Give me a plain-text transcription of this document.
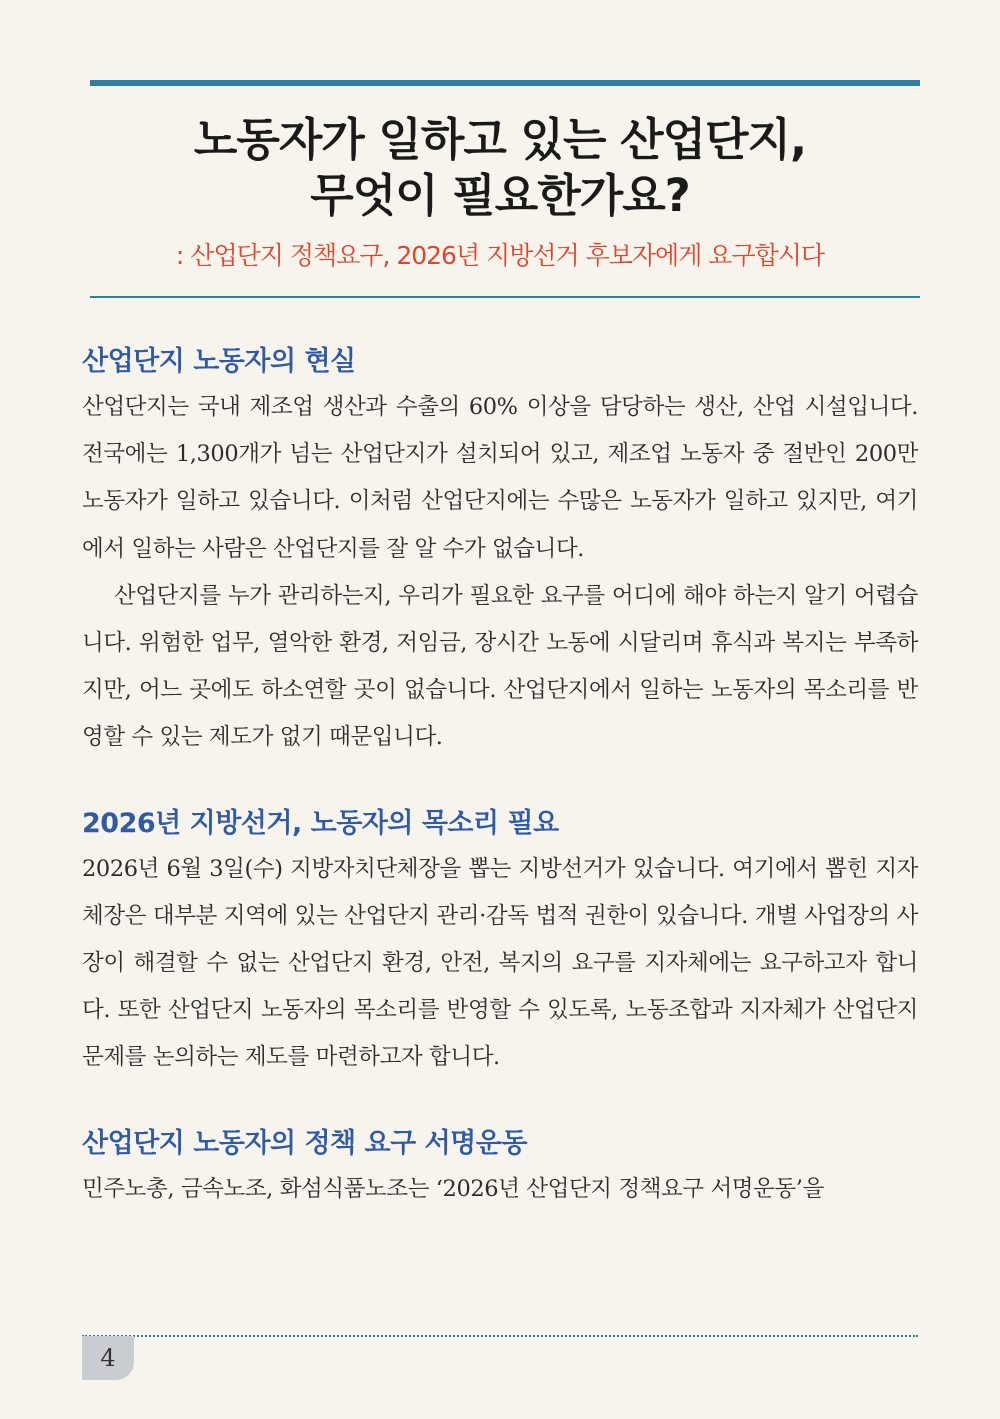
노동자가 일하고 있는 산업단지,
무엇이 필요한가요?
: 산업단지 정책요구, 2026년 지방선거 후보자에게 요구합시다
산업단지 노동자의 현실

산업단지는 국내 제조업 생산과 수출의 60% 이상을 담당하는 생산, 산업 시설입니다. 전국에는 1,300개가 넘는 산업단지가 설치되어 있고, 제조업 노동자 중 절반인 200만 노동자가 일하고 있습니다. 이처럼 산업단지에는 수많은 노동자가 일하고 있지만, 여기에서 일하는 사람은 산업단지를 잘 알 수가 없습니다.

산업단지를 누가 관리하는지, 우리가 필요한 요구를 어디에 해야 하는지 알기 어렵습니다. 위험한 업무, 열악한 환경, 저임금, 장시간 노동에 시달리며 휴식과 복지는 부족하지만, 어느 곳에도 하소연할 곳이 없습니다. 산업단지에서 일하는 노동자의 목소리를 반영할 수 있는 제도가 없기 때문입니다.

2026년 지방선거, 노동자의 목소리 필요

2026년 6월 3일(수) 지방자치단체장을 뽑는 지방선거가 있습니다. 여기에서 뽑힌 지자체장은 대부분 지역에 있는 산업단지 관리·감독 법적 권한이 있습니다. 개별 사업장의 사장이 해결할 수 없는 산업단지 환경, 안전, 복지의 요구를 지자체에는 요구하고자 합니다. 또한 산업단지 노동자의 목소리를 반영할 수 있도록, 노동조합과 지자체가 산업단지 문제를 논의하는 제도를 마련하고자 합니다.

산업단지 노동자의 정책 요구 서명운동

민주노총, 금속노조, 화섬식품노조는 ‘2026년 산업단지 정책요구 서명운동’을

4
